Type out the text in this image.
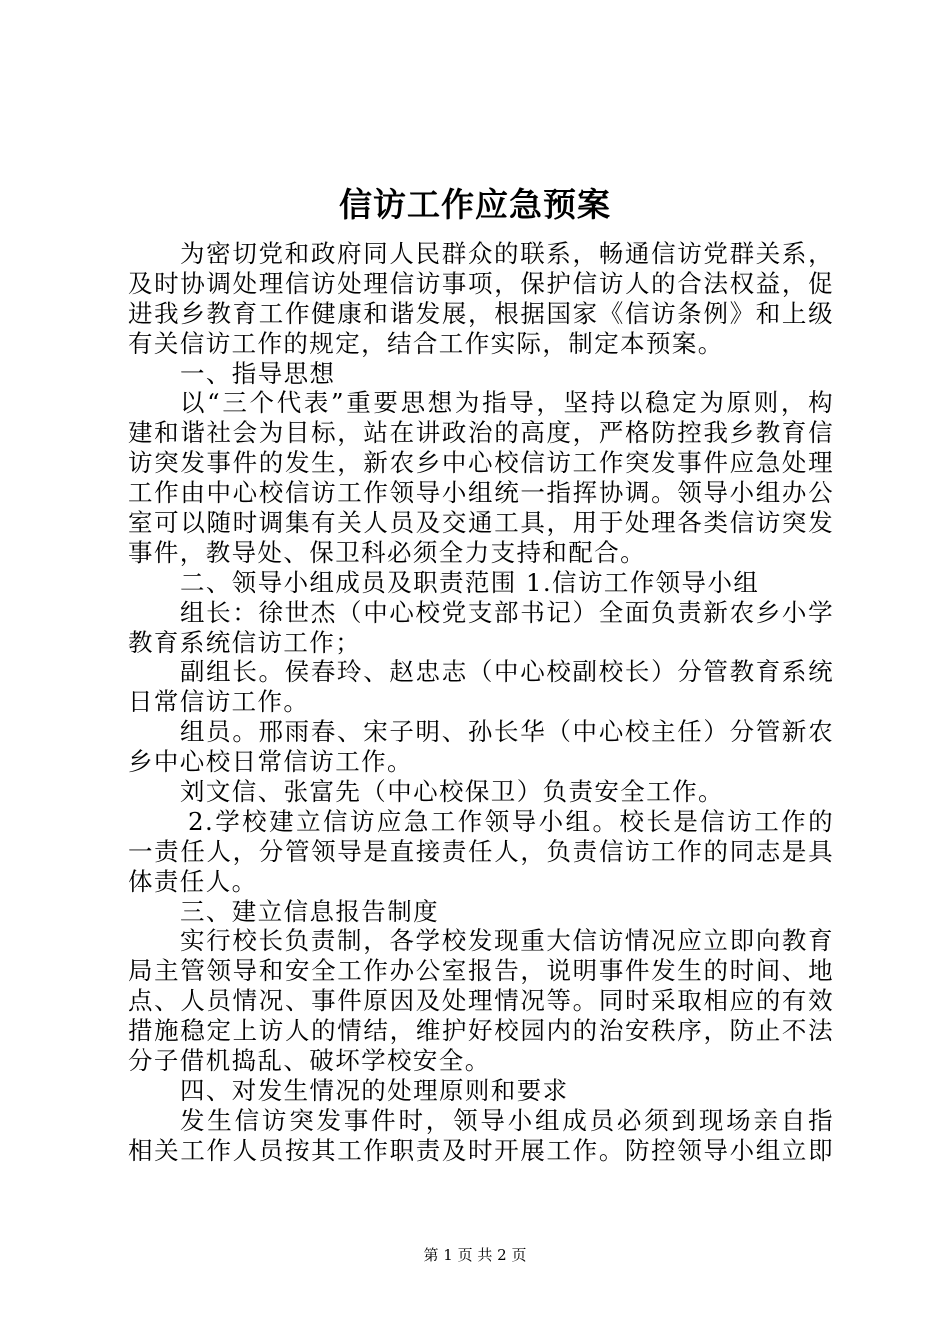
信访工作应急预案
为密切党和政府同人民群众的联系，畅通信访党群关系，
及时协调处理信访处理信访事项，保护信访人的合法权益，促
进我乡教育工作健康和谐发展，根据国家《信访条例》和上级
有关信访工作的规定，结合工作实际，制定本预案。
一、指导思想
以“三个代表”重要思想为指导，坚持以稳定为原则，构
建和谐社会为目标，站在讲政治的高度，严格防控我乡教育信
访突发事件的发生，新农乡中心校信访工作突发事件应急处理
工作由中心校信访工作领导小组统一指挥协调。领导小组办公
室可以随时调集有关人员及交通工具，用于处理各类信访突发
事件，教导处、保卫科必须全力支持和配合。
二、领导小组成员及职责范围 1.信访工作领导小组
组长：徐世杰（中心校党支部书记）全面负责新农乡小学
教育系统信访工作；
副组长。侯春玲、赵忠志（中心校副校长）分管教育系统
日常信访工作。
组员。邢雨春、宋子明、孙长华（中心校主任）分管新农
乡中心校日常信访工作。
刘文信、张富先（中心校保卫）负责安全工作。
2.学校建立信访应急工作领导小组。校长是信访工作的
一责任人，分管领导是直接责任人，负责信访工作的同志是具
体责任人。
三、建立信息报告制度
实行校长负责制，各学校发现重大信访情况应立即向教育
局主管领导和安全工作办公室报告，说明事件发生的时间、地
点、人员情况、事件原因及处理情况等。同时采取相应的有效
措施稳定上访人的情结，维护好校园内的治安秩序，防止不法
分子借机捣乱、破坏学校安全。
四、对发生情况的处理原则和要求
发生信访突发事件时，领导小组成员必须到现场亲自指
相关工作人员按其工作职责及时开展工作。防控领导小组立即
第 1 页 共 2 页
